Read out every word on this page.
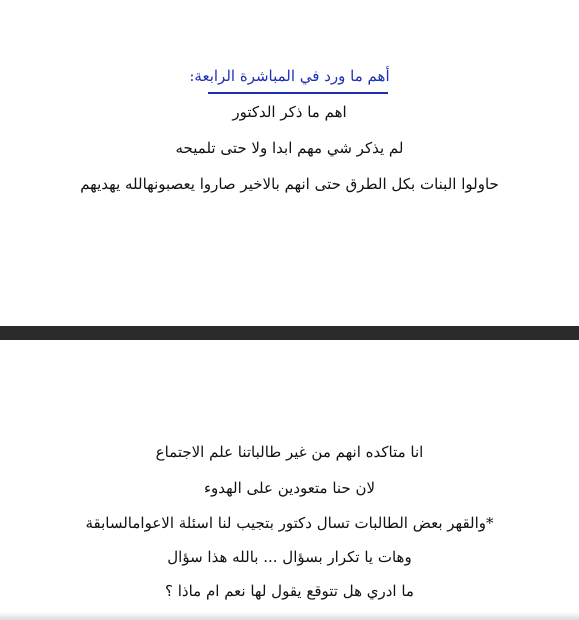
أهم ما ورد في المباشرة الرابعة:
اهم ما ذكر الدكتور
لم يذكر شي مهم ابدا ولا حتى تلميحه
حاولوا البنات بكل الطرق حتى انهم بالاخير صاروا يعصبونهالله يهديهم
انا متاكده انهم من غير طالباتنا علم الاجتماع
لان حنا متعودين على الهدوء
*والقهر بعض الطالبات تسال دكتور بتجيب لنا اسئلة الاعوامالسابقة
وهات يا تكرار بسؤال ... بالله هذا سؤال
ما ادري هل تتوقع يقول لها نعم ام ماذا ؟
